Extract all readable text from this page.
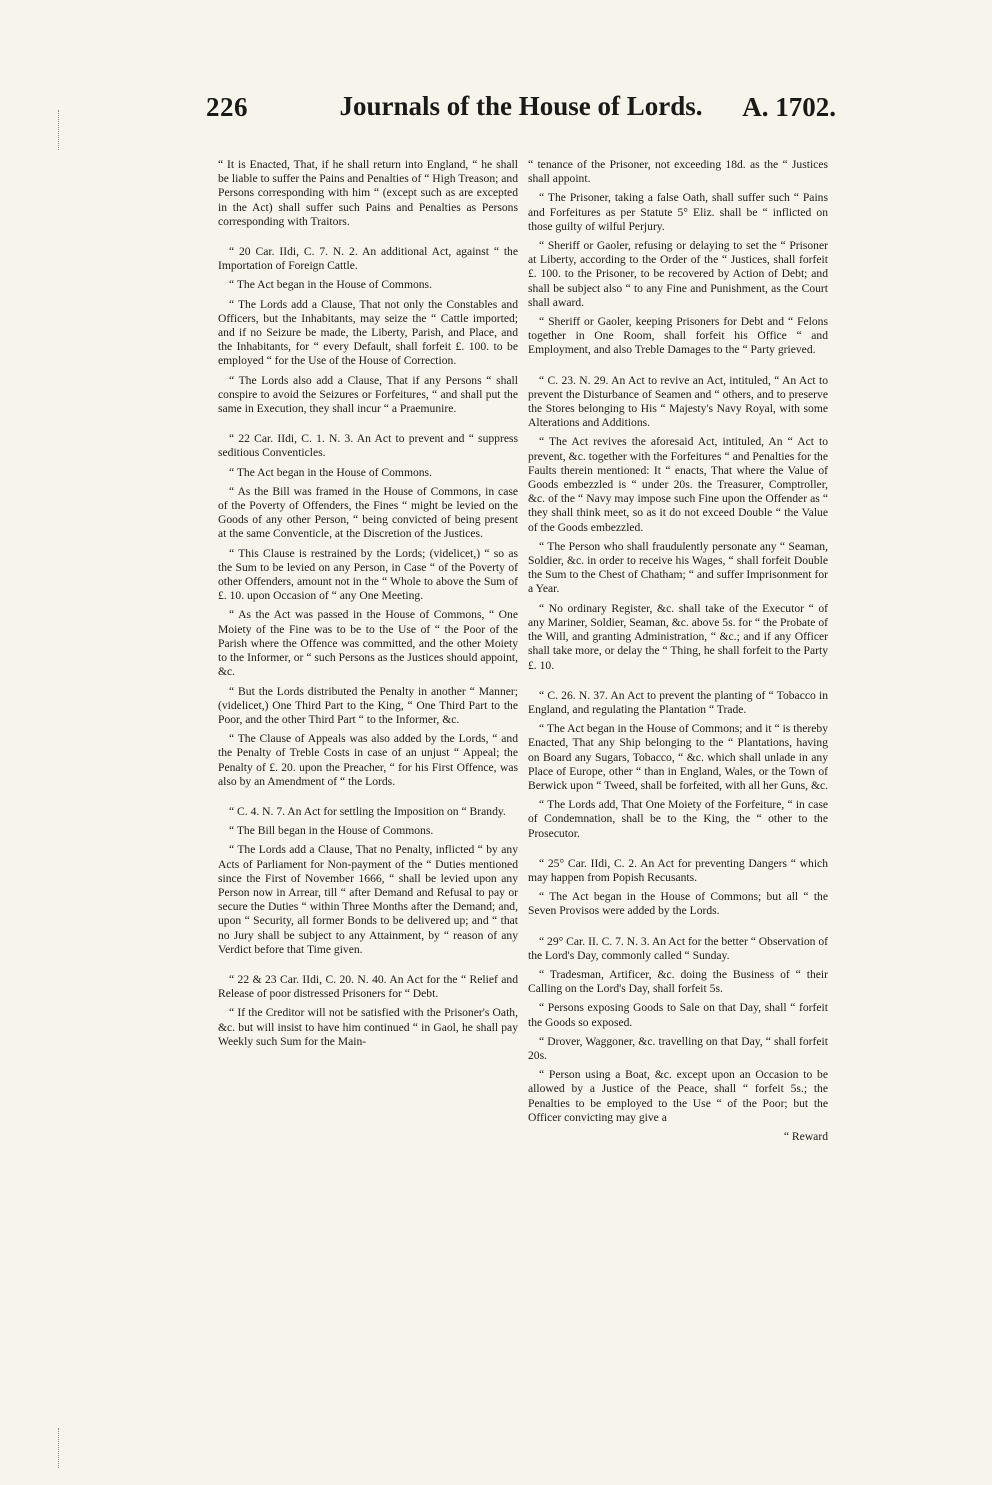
226	Journals of the House of Lords.	A. 1702.

“ It is Enacted, That, if he shall return into England, “ he shall be liable to suffer the Pains and Penalties of “ High Treason; and Persons corresponding with him “ (except such as are excepted in the Act) shall suffer such Pains and Penalties as Persons corresponding with Traitors.

“ 20 Car. IIdi, C. 7. N. 2. An additional Act, against “ the Importation of Foreign Cattle.

“ The Act began in the House of Commons.

“ The Lords add a Clause, That not only the Constables and Officers, but the Inhabitants, may seize the “ Cattle imported; and if no Seizure be made, the Liberty, Parish, and Place, and the Inhabitants, for “ every Default, shall forfeit £. 100. to be employed “ for the Use of the House of Correction.

“ The Lords also add a Clause, That if any Persons “ shall conspire to avoid the Seizures or Forfeitures, “ and shall put the same in Execution, they shall incur “ a Praemunire.

“ 22 Car. IIdi, C. 1. N. 3. An Act to prevent and “ suppress seditious Conventicles.

“ The Act began in the House of Commons.

“ As the Bill was framed in the House of Commons, in case of the Poverty of Offenders, the Fines “ might be levied on the Goods of any other Person, “ being convicted of being present at the same Conventicle, at the Discretion of the Justices.

“ This Clause is restrained by the Lords; (videlicet,) “ so as the Sum to be levied on any Person, in Case “ of the Poverty of other Offenders, amount not in the “ Whole to above the Sum of £. 10. upon Occasion of “ any One Meeting.

“ As the Act was passed in the House of Commons, “ One Moiety of the Fine was to be to the Use of “ the Poor of the Parish where the Offence was committed, and the other Moiety to the Informer, or “ such Persons as the Justices should appoint, &c.

“ But the Lords distributed the Penalty in another “ Manner; (videlicet,) One Third Part to the King, “ One Third Part to the Poor, and the other Third Part “ to the Informer, &c.

“ The Clause of Appeals was also added by the Lords, “ and the Penalty of Treble Costs in case of an unjust “ Appeal; the Penalty of £. 20. upon the Preacher, “ for his First Offence, was also by an Amendment of “ the Lords.

“ C. 4. N. 7. An Act for settling the Imposition on “ Brandy.

“ The Bill began in the House of Commons.

“ The Lords add a Clause, That no Penalty, inflicted “ by any Acts of Parliament for Non-payment of the “ Duties mentioned since the First of November 1666, “ shall be levied upon any Person now in Arrear, till “ after Demand and Refusal to pay or secure the Duties “ within Three Months after the Demand; and, upon “ Security, all former Bonds to be delivered up; and “ that no Jury shall be subject to any Attainment, by “ reason of any Verdict before that Time given.

“ 22 & 23 Car. IIdi, C. 20. N. 40. An Act for the “ Relief and Release of poor distressed Prisoners for “ Debt.

“ If the Creditor will not be satisfied with the Prisoner's Oath, &c. but will insist to have him continued “ in Gaol, he shall pay Weekly such Sum for the Main-

“ tenance of the Prisoner, not exceeding 18d. as the “ Justices shall appoint.

“ The Prisoner, taking a false Oath, shall suffer such “ Pains and Forfeitures as per Statute 5° Eliz. shall be “ inflicted on those guilty of wilful Perjury.

“ Sheriff or Gaoler, refusing or delaying to set the “ Prisoner at Liberty, according to the Order of the “ Justices, shall forfeit £. 100. to the Prisoner, to be recovered by Action of Debt; and shall be subject also “ to any Fine and Punishment, as the Court shall award.

“ Sheriff or Gaoler, keeping Prisoners for Debt and “ Felons together in One Room, shall forfeit his Office “ and Employment, and also Treble Damages to the “ Party grieved.

“ C. 23. N. 29. An Act to revive an Act, intituled, “ An Act to prevent the Disturbance of Seamen and “ others, and to preserve the Stores belonging to His “ Majesty's Navy Royal, with some Alterations and Additions.

“ The Act revives the aforesaid Act, intituled, An “ Act to prevent, &c. together with the Forfeitures “ and Penalties for the Faults therein mentioned: It “ enacts, That where the Value of Goods embezzled is “ under 20s. the Treasurer, Comptroller, &c. of the “ Navy may impose such Fine upon the Offender as “ they shall think meet, so as it do not exceed Double “ the Value of the Goods embezzled.

“ The Person who shall fraudulently personate any “ Seaman, Soldier, &c. in order to receive his Wages, “ shall forfeit Double the Sum to the Chest of Chatham; “ and suffer Imprisonment for a Year.

“ No ordinary Register, &c. shall take of the Executor “ of any Mariner, Soldier, Seaman, &c. above 5s. for “ the Probate of the Will, and granting Administration, “ &c.; and if any Officer shall take more, or delay the “ Thing, he shall forfeit to the Party £. 10.

“ C. 26. N. 37. An Act to prevent the planting of “ Tobacco in England, and regulating the Plantation “ Trade.

“ The Act began in the House of Commons; and it “ is thereby Enacted, That any Ship belonging to the “ Plantations, having on Board any Sugars, Tobacco, “ &c. which shall unlade in any Place of Europe, other “ than in England, Wales, or the Town of Berwick upon “ Tweed, shall be forfeited, with all her Guns, &c.

“ The Lords add, That One Moiety of the Forfeiture, “ in case of Condemnation, shall be to the King, the “ other to the Prosecutor.

“ 25° Car. IIdi, C. 2. An Act for preventing Dangers “ which may happen from Popish Recusants.

“ The Act began in the House of Commons; but all “ the Seven Provisos were added by the Lords.

“ 29° Car. II. C. 7. N. 3. An Act for the better “ Observation of the Lord's Day, commonly called “ Sunday.

“ Tradesman, Artificer, &c. doing the Business of “ their Calling on the Lord's Day, shall forfeit 5s.

“ Persons exposing Goods to Sale on that Day, shall “ forfeit the Goods so exposed.

“ Drover, Waggoner, &c. travelling on that Day, “ shall forfeit 20s.

“ Person using a Boat, &c. except upon an Occasion to be allowed by a Justice of the Peace, shall “ forfeit 5s.; the Penalties to be employed to the Use “ of the Poor; but the Officer convicting may give a

“ Reward
